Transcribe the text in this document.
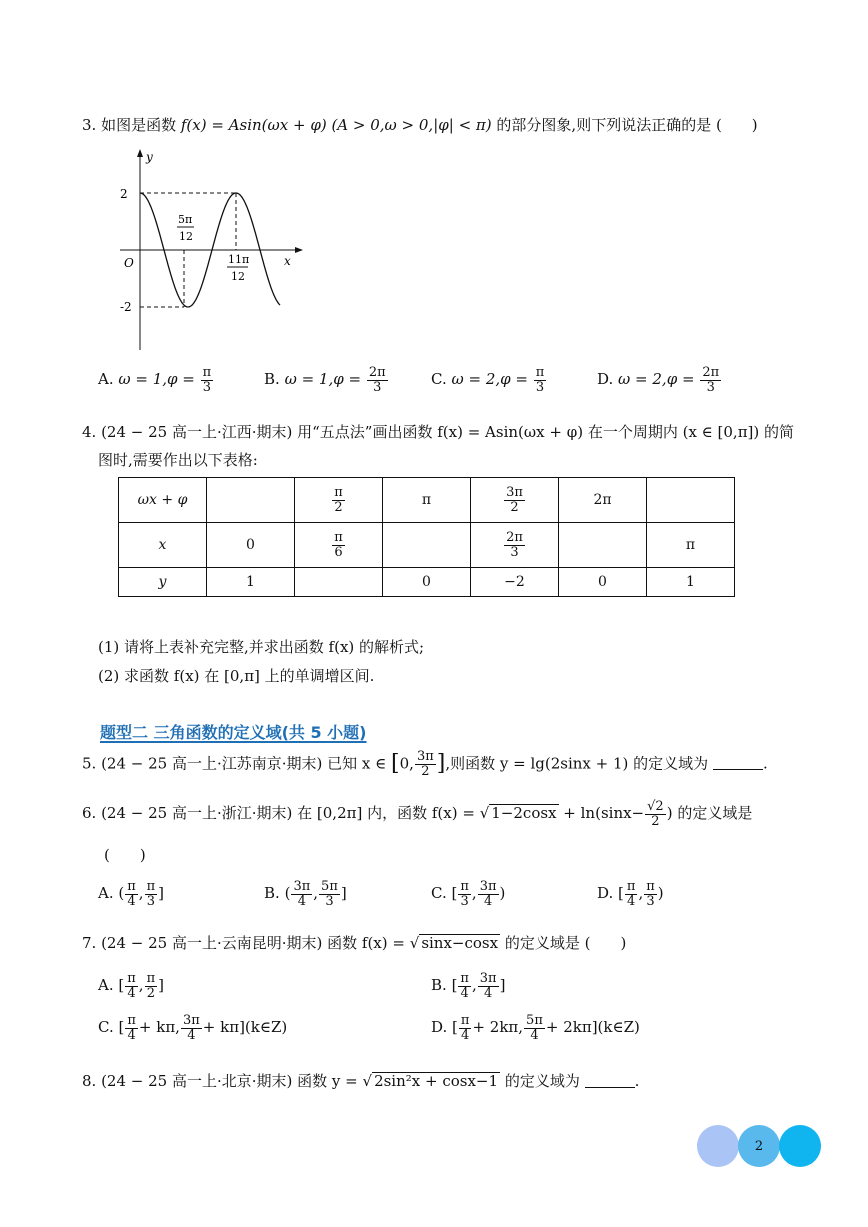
3. 如图是函数 f(x) = Asin(ωx + φ) (A > 0,ω > 0,|φ| < π) 的部分图象,则下列说法正确的是 (　　)
y
x
O
2
-2
5π
12
11π
12
A. $\omega = 1,\varphi = \frac{\pi}{3}$	B. $\omega = 1,\varphi = \frac{2\pi}{3}$	C. $\omega = 2,\varphi = \frac{\pi}{3}$	D. $\omega = 2,\varphi = \frac{2\pi}{3}$
4. (24 − 25 高一上·江西·期末) 用“五点法”画出函数 f(x) = Asin(ωx + φ) 在一个周期内 (x ∈ [0,π]) 的简
图时,需要作出以下表格:
ωx + φ		$\frac{\pi}{2}$	π	$\frac{3\pi}{2}$	2π	
x	0	$\frac{\pi}{6}$		$\frac{2\pi}{3}$		π
y	1		0	−2	0	1
(1) 请将上表补充完整,并求出函数 f(x) 的解析式;
(2) 求函数 f(x) 在 [0,π] 上的单调增区间.
题型二 三角函数的定义域(共 5 小题)
5. (24 − 25 高一上·江苏南京·期末) 已知 x ∈ [0, $\frac{3\pi}{2}$ ],则函数 y = lg(2sinx + 1) 的定义域为	.
6. (24 − 25 高一上·浙江·期末) 在 [0,2π] 内，函数 f(x) = √ $1-2\cos x + \ln(\sin x- \frac{√2}{2}$ ) 的定义域是
(　　)
A. ( $\frac{\pi}{4}$ , $\frac{\pi}{3}$ ]	B. ( $\frac{3\pi}{4}$ , $\frac{5\pi}{3}$ ]	C. [ $\frac{\pi}{3}$ , $\frac{3\pi}{4}$ )	D. [ $\frac{\pi}{4}$ , $\frac{\pi}{3}$ )
7. (24 − 25 高一上·云南昆明·期末) 函数 f(x) = √ sinx−cosx 的定义域是 (　　)
A. [ $\frac{\pi}{4}$ , $\frac{\pi}{2}$ ]	B. [ $\frac{\pi}{4}$ , $\frac{3\pi}{4}$ ]
C. [ $\frac{\pi}{4} + k\pi$, $\frac{3\pi}{4}$ + kπ](k∈Z)	D. [ $\frac{\pi}{4} + 2k\pi$, $\frac{5\pi}{4}$ + 2kπ](k∈Z)
8. (24 − 25 高一上·北京·期末) 函数 y = √ 2sin²x + cosx−1 的定义域为	.
2
